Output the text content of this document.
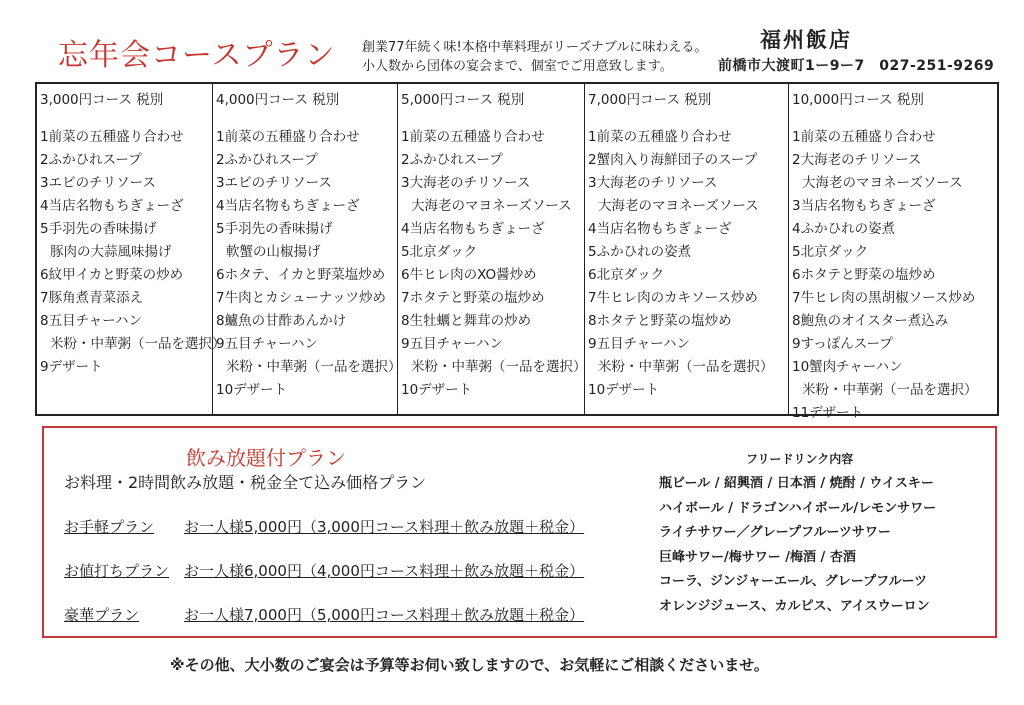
忘年会コースプラン 創業77年続く味!本格中華料理がリーズナブルに味わえる。
小人数から団体の宴会まで、個室でご用意致します。
福州飯店
前橋市大渡町1ー9ー7　027-251-9269
3,000円コース 税別
1前菜の五種盛り合わせ
2ふかひれスープ
3エビのチリソース
4当店名物もちぎょーざ
5手羽先の香味揚げ
豚肉の大蒜風味揚げ
6紋甲イカと野菜の炒め
7豚角煮青菜添え
8五目チャーハン
米粉・中華粥（一品を選択）
9デザート
4,000円コース 税別
1前菜の五種盛り合わせ
2ふかひれスープ
3エビのチリソース
4当店名物もちぎょーざ
5手羽先の香味揚げ
軟蟹の山椒揚げ
6ホタテ、イカと野菜塩炒め
7牛肉とカシューナッツ炒め
8鱸魚の甘酢あんかけ
9五目チャーハン
米粉・中華粥（一品を選択）
10デザート
5,000円コース 税別
1前菜の五種盛り合わせ
2ふかひれスープ
3大海老のチリソース
大海老のマヨネーズソース
4当店名物もちぎょーざ
5北京ダック
6牛ヒレ肉のXO醤炒め
7ホタテと野菜の塩炒め
8生牡蠣と舞茸の炒め
9五目チャーハン
米粉・中華粥（一品を選択）
10デザート
7,000円コース 税別
1前菜の五種盛り合わせ
2蟹肉入り海鮮団子のスープ
3大海老のチリソース
大海老のマヨネーズソース
4当店名物もちぎょーざ
5ふかひれの姿煮
6北京ダック
7牛ヒレ肉のカキソース炒め
8ホタテと野菜の塩炒め
9五目チャーハン
米粉・中華粥（一品を選択）
10デザート
10,000円コース 税別
1前菜の五種盛り合わせ
2大海老のチリソース
大海老のマヨネーズソース
3当店名物もちぎょーざ
4ふかひれの姿煮
5北京ダック
6ホタテと野菜の塩炒め
7牛ヒレ肉の黒胡椒ソース炒め
8鮑魚のオイスター煮込み
9すっぽんスープ
10蟹肉チャーハン
米粉・中華粥（一品を選択）
11デザート
飲み放題付プラン
お料理・2時間飲み放題・税金全て込み価格プラン
お手軽プラン	お一人様5,000円（3,000円コース料理＋飲み放題＋税金）
お値打ちプラン お一人様6,000円（4,000円コース料理＋飲み放題＋税金）
豪華プラン	お一人様7,000円（5,000円コース料理＋飲み放題＋税金）
フリードリンク内容
瓶ビール / 紹興酒 / 日本酒 / 焼酎 / ウイスキー
ハイボール / ドラゴンハイボール/レモンサワー
ライチサワー／グレープフルーツサワー
巨峰サワー/梅サワー /梅酒 / 杏酒
コーラ、ジンジャーエール、グレープフルーツ
オレンジジュース、カルピス、アイスウーロン
※その他、大小数のご宴会は予算等お伺い致しますので、お気軽にご相談くださいませ。
